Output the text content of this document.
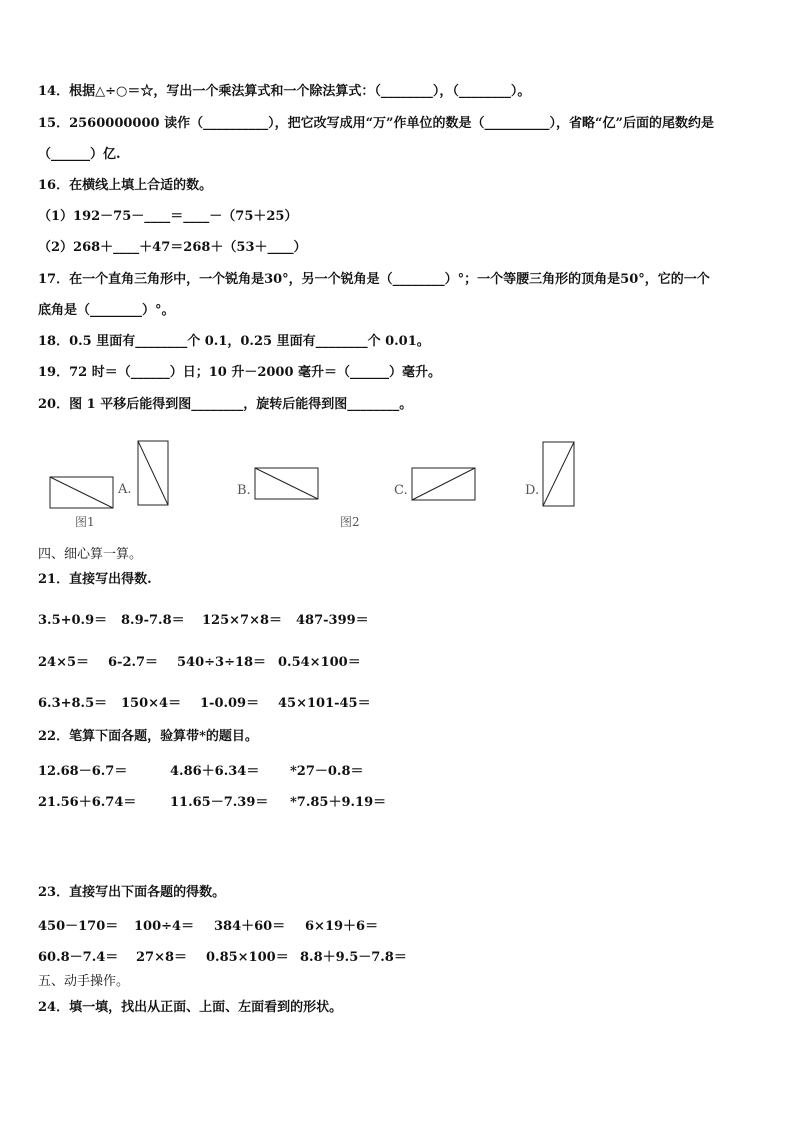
14．根据△÷○＝☆，写出一个乘法算式和一个除法算式：（________），（________）。
15．2560000000 读作（__________），把它改写成用“万”作单位的数是（__________），省略“亿”后面的尾数约是
（______）亿.
16．在横线上填上合适的数。
（1）192－75－____＝____－（75＋25）
（2）268＋____＋47＝268＋（53＋____）
17．在一个直角三角形中，一个锐角是30°，另一个锐角是（________）°；一个等腰三角形的顶角是50°，它的一个
底角是（________）°。
18．0.5 里面有________个 0.1，0.25 里面有________个 0.01。
19．72 时＝（______）日；10 升－2000 毫升＝（______）毫升。
20．图 1 平移后能得到图________，旋转后能得到图________。
A.	B.	C.	D.
图1	图2
四、细心算一算。
21．直接写出得数.
3.5+0.9＝ 8.9-7.8＝ 125×7×8＝ 487-399＝
24×5＝ 6-2.7＝ 540÷3÷18＝ 0.54×100＝
6.3+8.5＝ 150×4＝ 1-0.09＝ 45×101-45＝
22．笔算下面各题，验算带*的题目。
12.68－6.7＝	4.86＋6.34＝ *27－0.8＝
21.56＋6.74＝	11.65－7.39＝ *7.85＋9.19＝
23．直接写出下面各题的得数。
450－170＝ 100÷4＝ 384＋60＝ 6×19＋6＝
60.8－7.4＝ 27×8＝ 0.85×100＝ 8.8＋9.5－7.8＝
五、动手操作。
24．填一填，找出从正面、上面、左面看到的形状。
